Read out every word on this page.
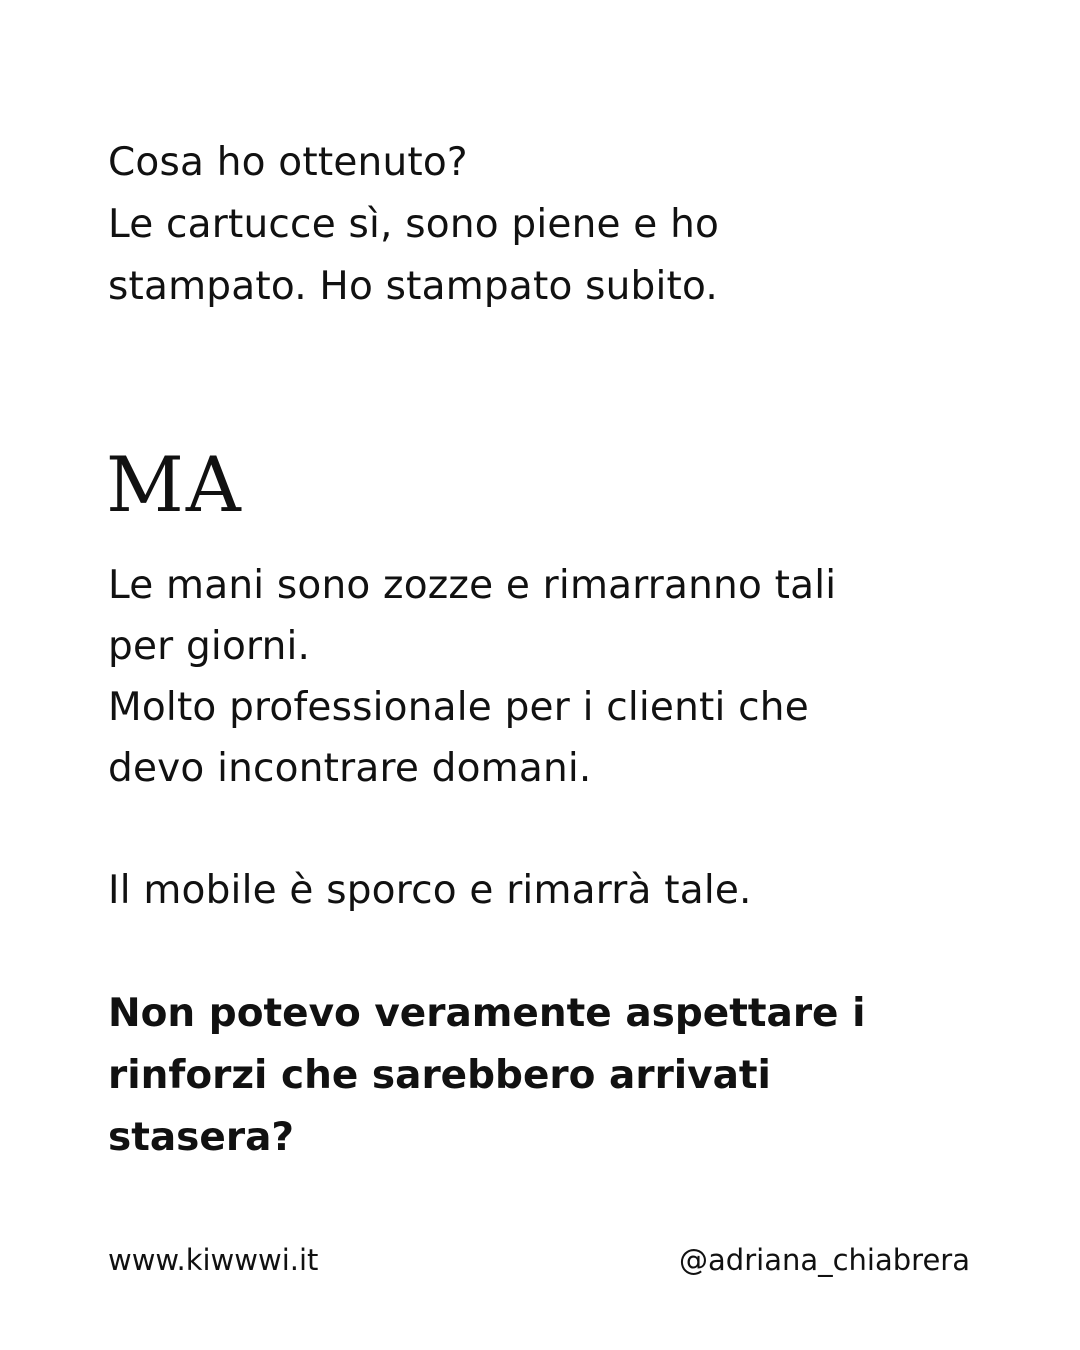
Cosa ho ottenuto?

Le cartucce sì, sono piene e ho

stampato. Ho stampato subito.

MA

Le mani sono zozze e rimarranno tali

per giorni.

Molto professionale per i clienti che

devo incontrare domani.

Il mobile è sporco e rimarrà tale.

Non potevo veramente aspettare i
rinforzi che sarebbero arrivati
stasera?
www.kiwwwi.it	@adriana_chiabrera
